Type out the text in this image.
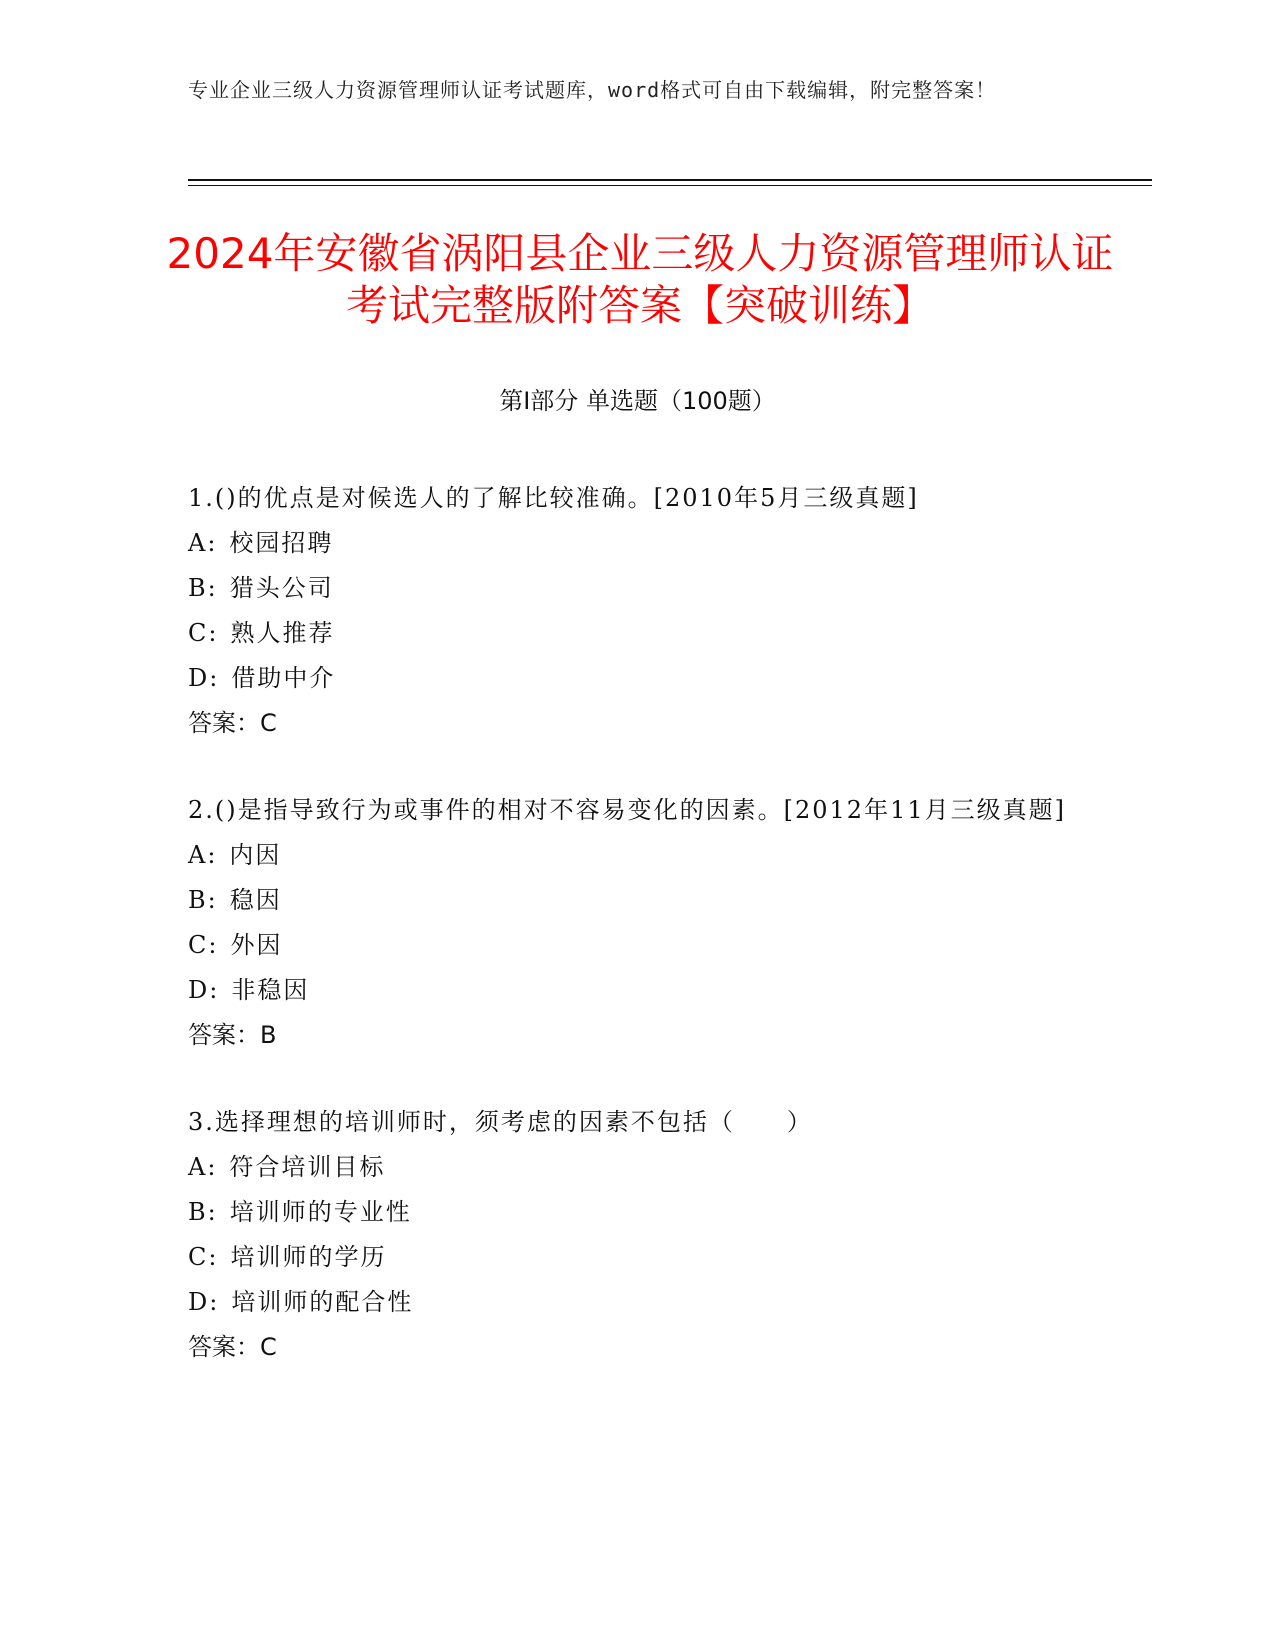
专业企业三级人力资源管理师认证考试题库，word格式可自由下载编辑，附完整答案！
2024年安徽省涡阳县企业三级人力资源管理师认证考试完整版附答案【突破训练】
第I部分 单选题（100题）
1.()的优点是对候选人的了解比较准确。[2010年5月三级真题]
A: 校园招聘
B: 猎头公司
C: 熟人推荐
D: 借助中介
答案：C
2.()是指导致行为或事件的相对不容易变化的因素。[2012年11月三级真题]
A: 内因
B: 稳因
C: 外因
D: 非稳因
答案：B
3.选择理想的培训师时，须考虑的因素不包括（　　）
A: 符合培训目标
B: 培训师的专业性
C: 培训师的学历
D: 培训师的配合性
答案：C
